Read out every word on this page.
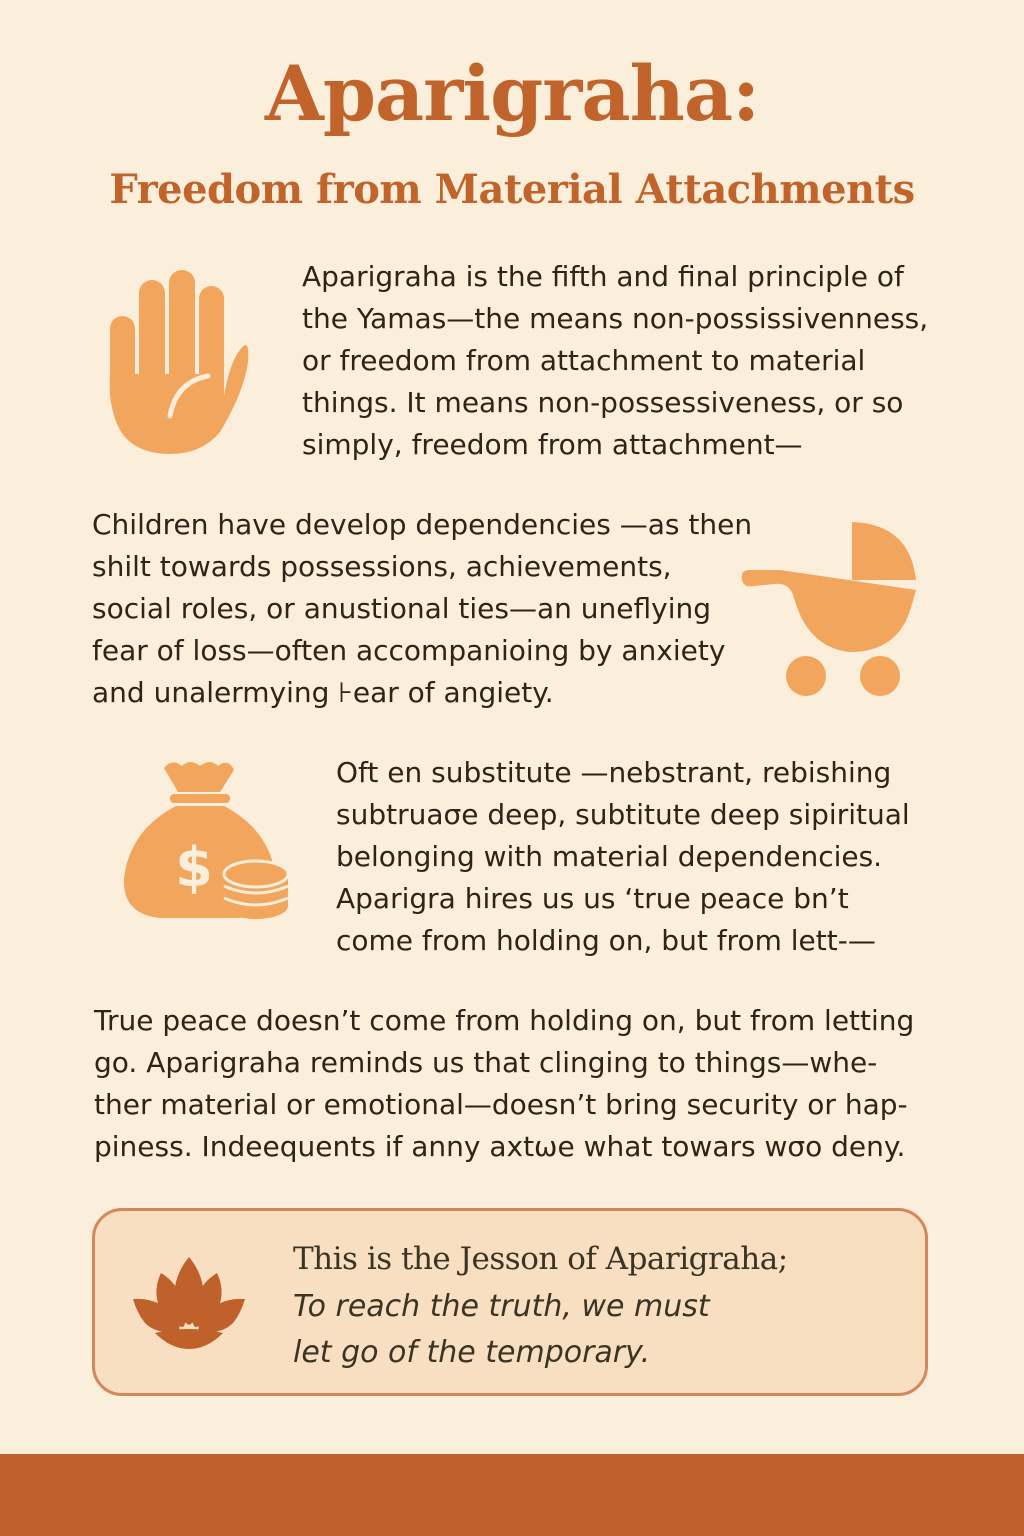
Aparigraha:
Freedom from Material Attachments
Aparigraha is the fifth and final principle of
the Yamas—the means non-possissivenness,
or freedom from attachment to material
things. It means non-possessiveness, or so
simply, freedom from attachment—
Children have develop dependencies —as then
shilt towards possessions, achievements,
social roles, or anustional ties—an uneflying
fear of loss—often accompanioing by anxiety
and unalermying ⊦ear of angiety.
$
Oft en substitute —nebstrant, rebishing
subtruaσe deep, subtitute deep sipiritual
belonging with material dependencies.
Aparigra hires us us ‘true peace bn’t
come from holding on, but from lett-—
True peace doesn’t come from holding on, but from letting
go. Aparigraha reminds us that clinging to things—whe-
ther material or emotional—doesn’t bring security or hap-
piness. Indeequents if anny axtωe what towars wσo deny.
This is the Jesson of Aparigraha;
To reach the truth, we must
let go of the temporary.
